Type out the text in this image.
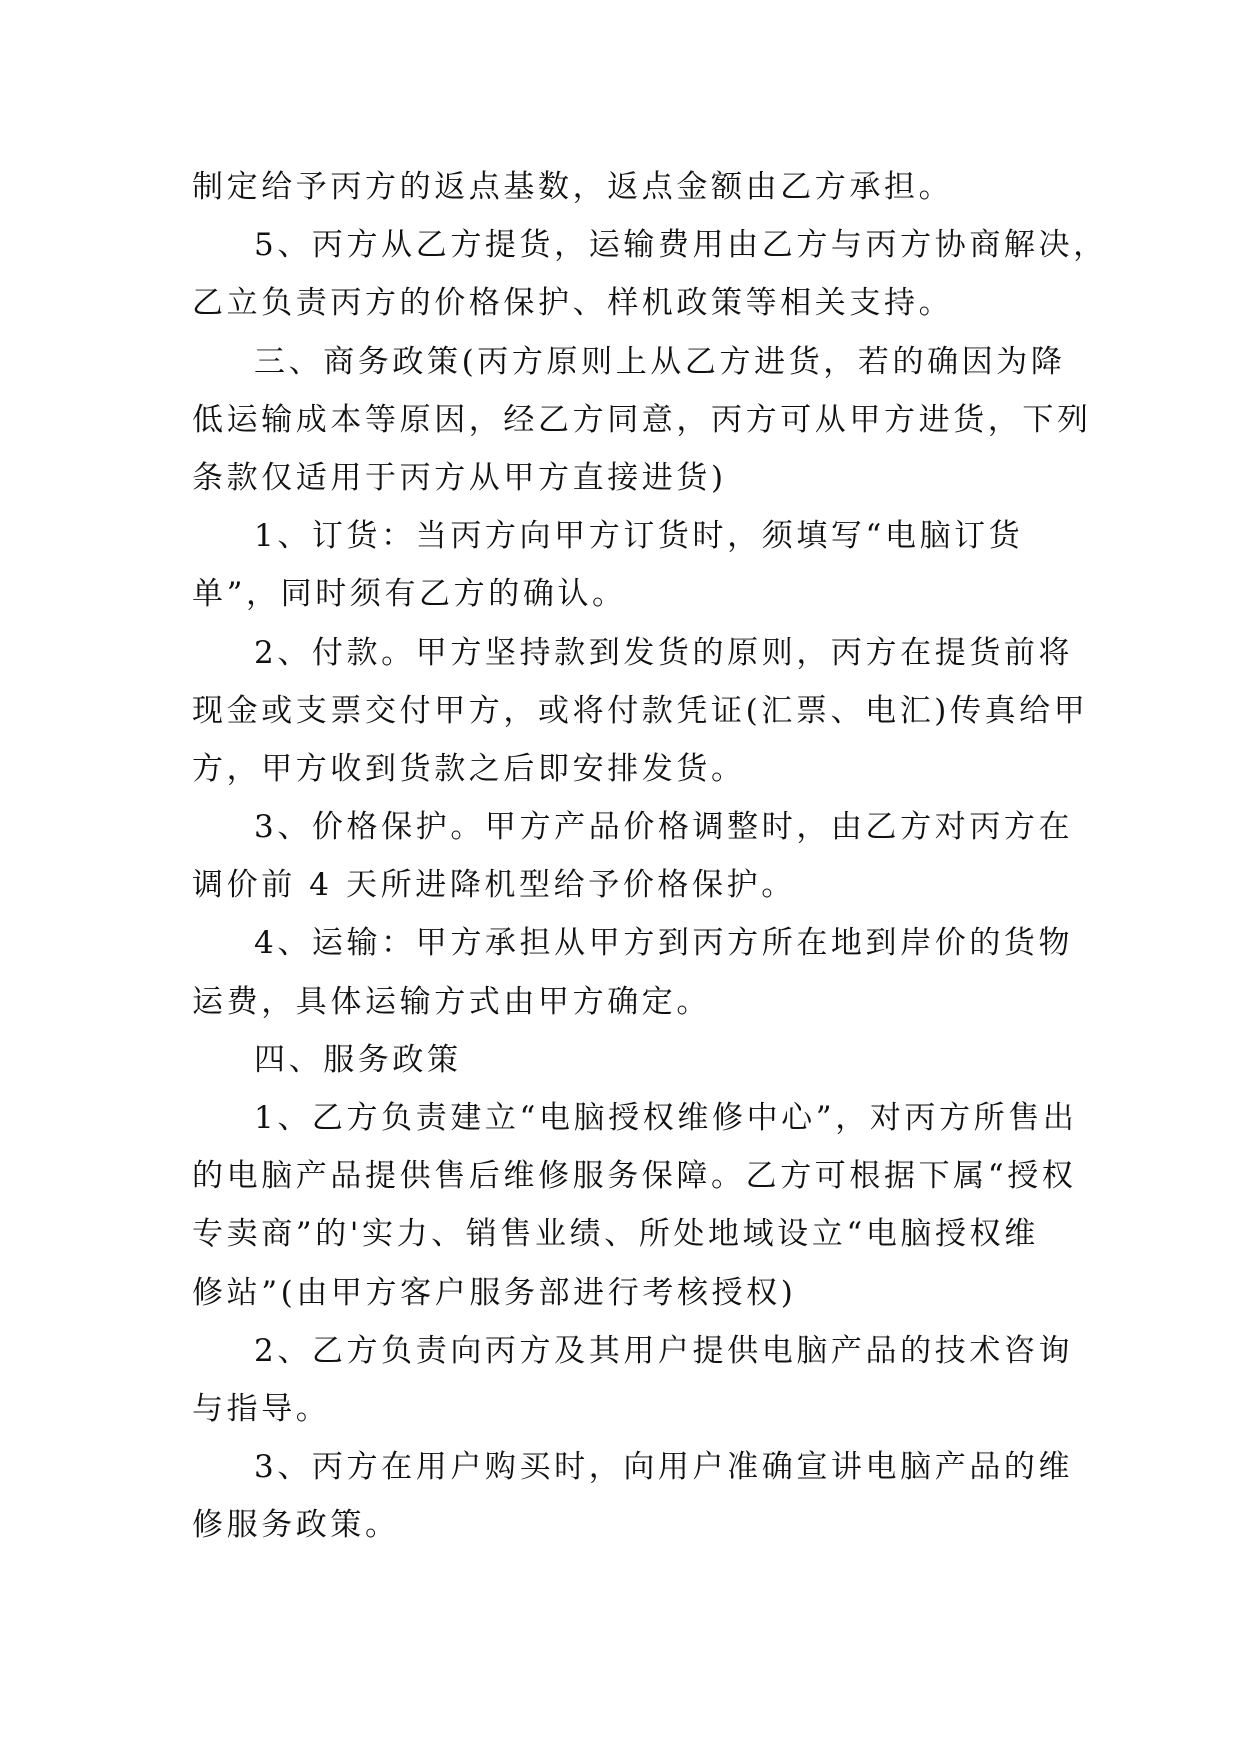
制定给予丙方的返点基数，返点金额由乙方承担。
5、丙方从乙方提货，运输费用由乙方与丙方协商解决，
乙立负责丙方的价格保护、样机政策等相关支持。
三、商务政策(丙方原则上从乙方进货，若的确因为降
低运输成本等原因，经乙方同意，丙方可从甲方进货，下列
条款仅适用于丙方从甲方直接进货)
1、订货：当丙方向甲方订货时，须填写“电脑订货
单”，同时须有乙方的确认。
2、付款。甲方坚持款到发货的原则，丙方在提货前将
现金或支票交付甲方，或将付款凭证(汇票、电汇)传真给甲
方，甲方收到货款之后即安排发货。
3、价格保护。甲方产品价格调整时，由乙方对丙方在
调价前 4 天所进降机型给予价格保护。
4、运输：甲方承担从甲方到丙方所在地到岸价的货物
运费，具体运输方式由甲方确定。
四、服务政策
1、乙方负责建立“电脑授权维修中心”，对丙方所售出
的电脑产品提供售后维修服务保障。乙方可根据下属“授权
专卖商”的'实力、销售业绩、所处地域设立“电脑授权维
修站”(由甲方客户服务部进行考核授权)
2、乙方负责向丙方及其用户提供电脑产品的技术咨询
与指导。
3、丙方在用户购买时，向用户准确宣讲电脑产品的维
修服务政策。
